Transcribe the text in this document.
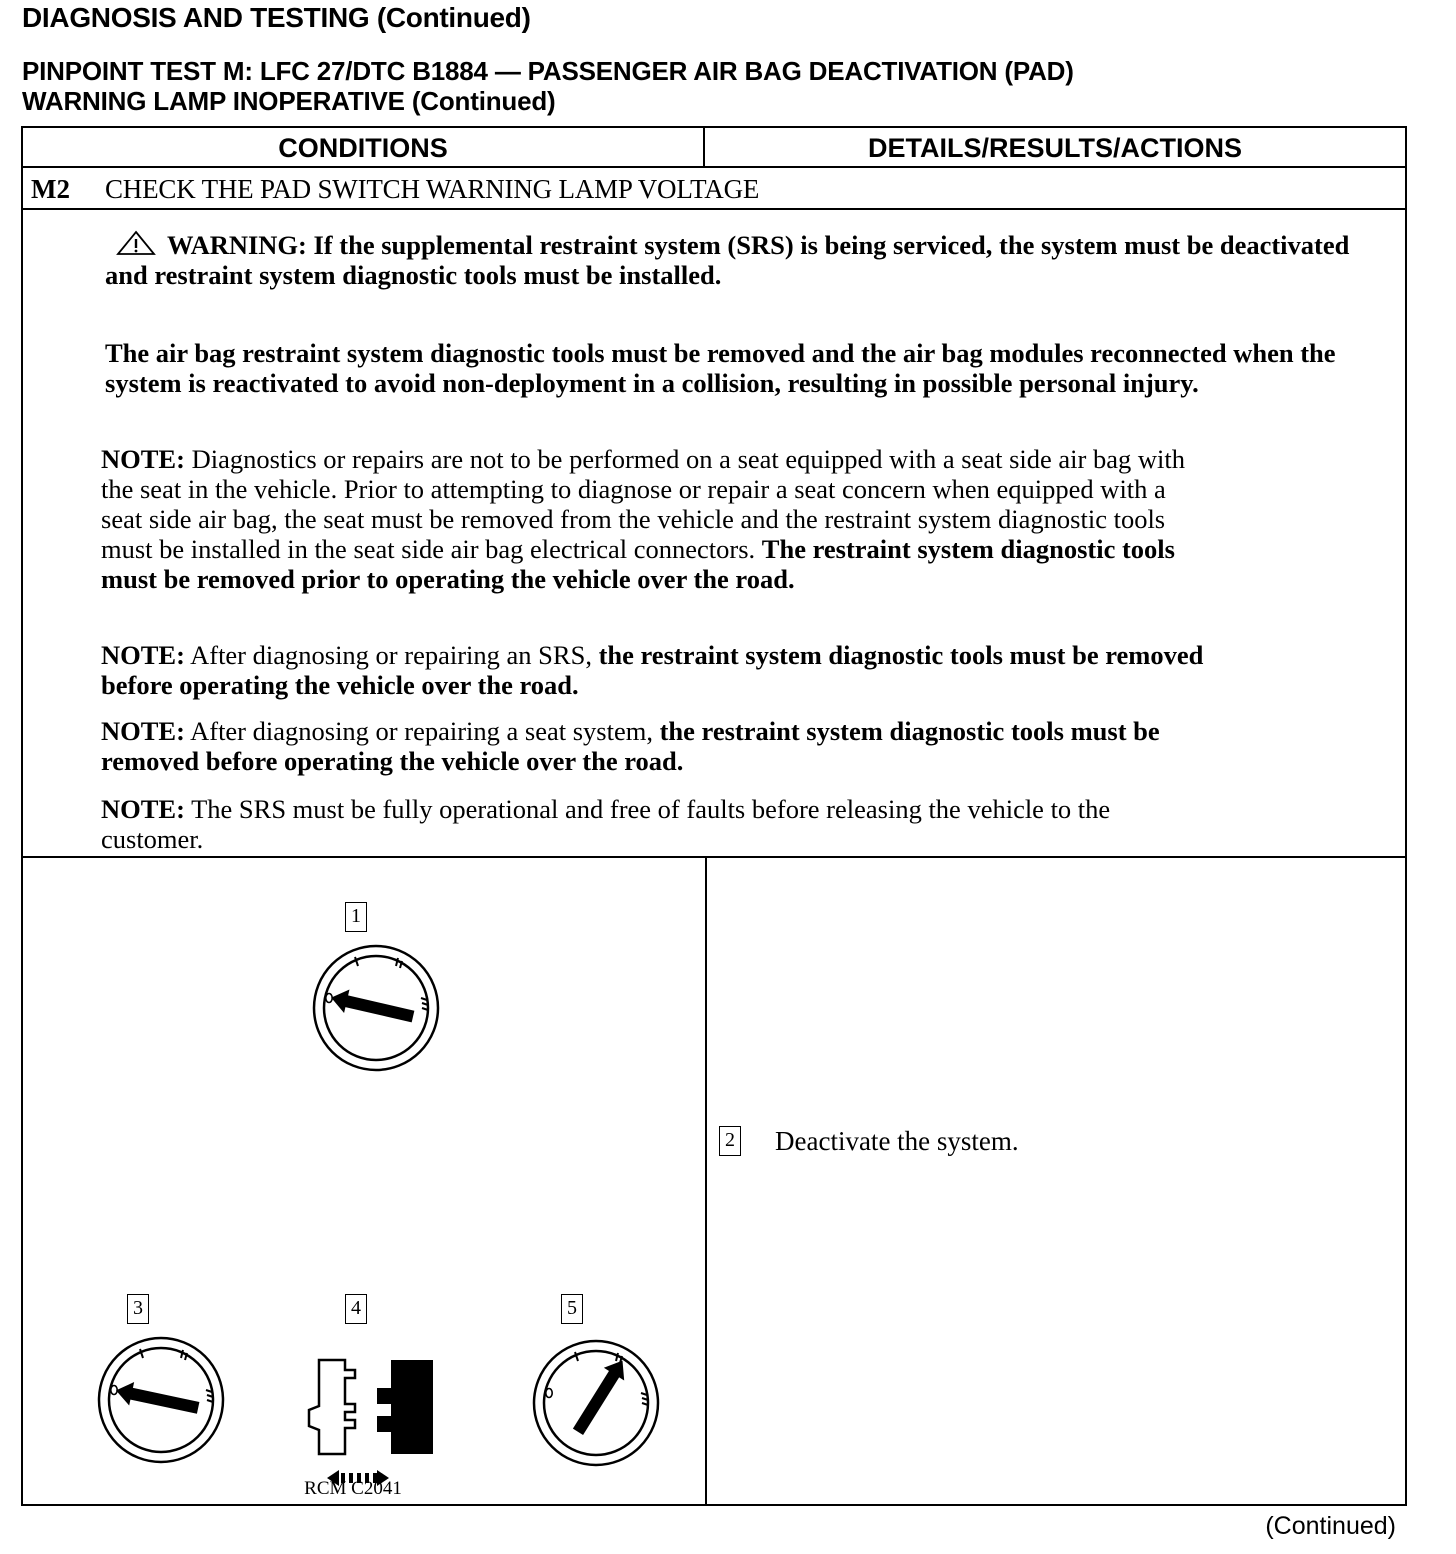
DIAGNOSIS AND TESTING (Continued)
PINPOINT TEST M: LFC 27/DTC B1884 — PASSENGER AIR BAG DEACTIVATION (PAD)
WARNING LAMP INOPERATIVE (Continued)
CONDITIONS	DETAILS/RESULTS/ACTIONS
M2 CHECK THE PAD SWITCH WARNING LAMP VOLTAGE
WARNING: If the supplemental restraint system (SRS) is being serviced, the system must be deactivated and restraint system diagnostic tools must be installed.
The air bag restraint system diagnostic tools must be removed and the air bag modules reconnected when the system is reactivated to avoid non-deployment in a collision, resulting in possible personal injury.
NOTE: Diagnostics or repairs are not to be performed on a seat equipped with a seat side air bag with the seat in the vehicle. Prior to attempting to diagnose or repair a seat concern when equipped with a seat side air bag, the seat must be removed from the vehicle and the restraint system diagnostic tools must be installed in the seat side air bag electrical connectors. The restraint system diagnostic tools must be removed prior to operating the vehicle over the road.
NOTE: After diagnosing or repairing an SRS, the restraint system diagnostic tools must be removed before operating the vehicle over the road.
NOTE: After diagnosing or repairing a seat system, the restraint system diagnostic tools must be removed before operating the vehicle over the road.
NOTE: The SRS must be fully operational and free of faults before releasing the vehicle to the customer.
1
3	4	5
RCM C2041
2 Deactivate the system.
(Continued)
